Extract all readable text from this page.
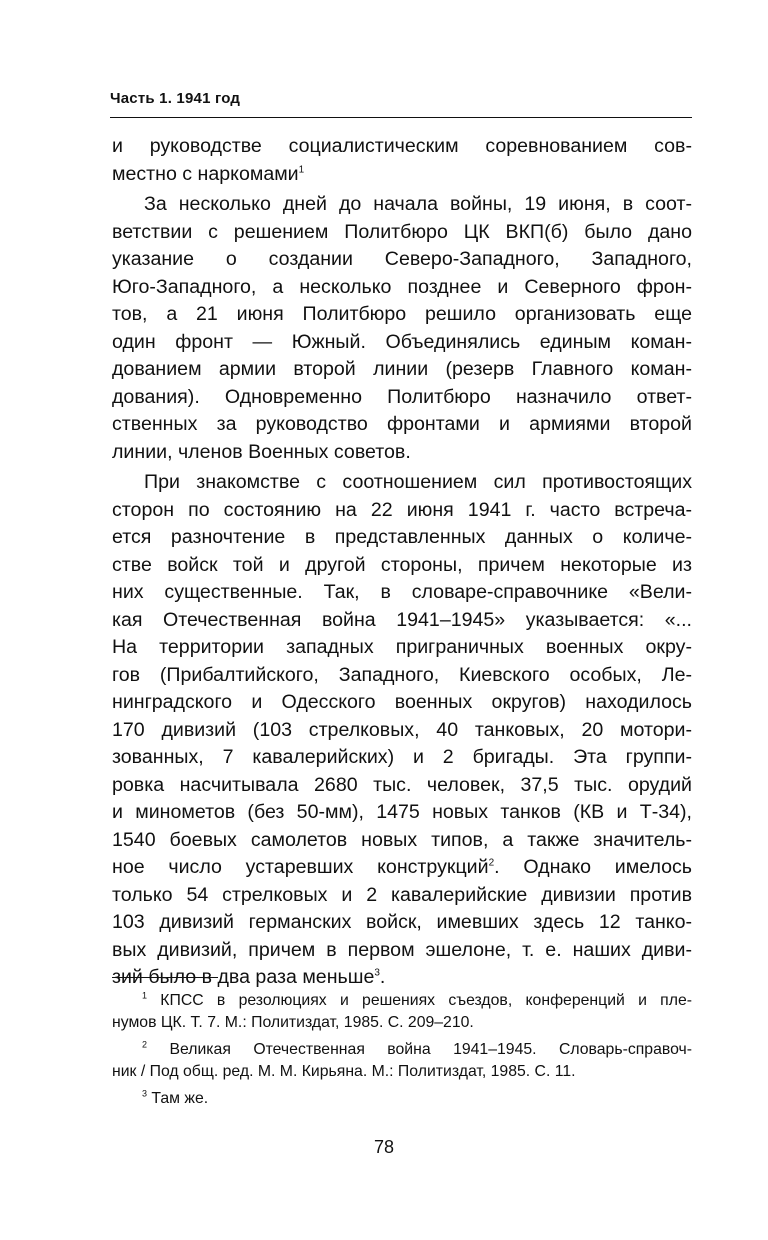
Часть 1. 1941 год
и руководстве социалистическим соревнованием сов-
местно с наркомами$^1$
За несколько дней до начала войны, 19 июня, в соот-
ветствии с решением Политбюро ЦК ВКП(б) было дано
указание о создании Северо-Западного, Западного,
Юго-Западного, а несколько позднее и Северного фрон-
тов, а 21 июня Политбюро решило организовать еще
один фронт — Южный. Объединялись единым коман-
дованием армии второй линии (резерв Главного коман-
дования). Одновременно Политбюро назначило ответ-
ственных за руководство фронтами и армиями второй
линии, членов Военных советов.
При знакомстве с соотношением сил противостоящих
сторон по состоянию на 22 июня 1941 г. часто встреча-
ется разночтение в представленных данных о количе-
стве войск той и другой стороны, причем некоторые из
них существенные. Так, в словаре-справочнике «Вели-
кая Отечественная война 1941–1945» указывается: «...
На территории западных приграничных военных окру-
гов (Прибалтийского, Западного, Киевского особых, Ле-
нинградского и Одесского военных округов) находилось
170 дивизий (103 стрелковых, 40 танковых, 20 мотори-
зованных, 7 кавалерийских) и 2 бригады. Эта группи-
ровка насчитывала 2680 тыс. человек, 37,5 тыс. орудий
и минометов (без 50-мм), 1475 новых танков (КВ и Т-34),
1540 боевых самолетов новых типов, а также значитель-
ное число устаревших конструкций$^2$. Однако имелось
только 54 стрелковых и 2 кавалерийские дивизии против
103 дивизий германских войск, имевших здесь 12 танко-
вых дивизий, причем в первом эшелоне, т. е. наших диви-
зий было в два раза меньше$^3$.
$^1$ КПСС в резолюциях и решениях съездов, конференций и пле-
нумов ЦК. Т. 7. М.: Политиздат, 1985. С. 209–210.
$^2$ Великая Отечественная война 1941–1945. Словарь-справоч-
ник / Под общ. ред. М. М. Кирьяна. М.: Политиздат, 1985. С. 11.
$^3$ Там же.
78
